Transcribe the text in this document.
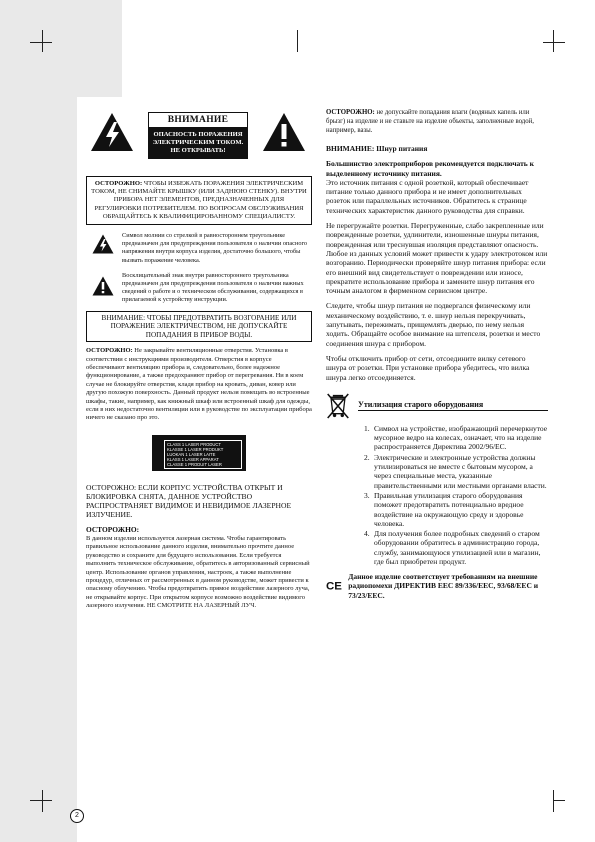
ВНИМАНИЕ
ОПАСНОСТЬ ПОРАЖЕНИЯ ЭЛЕКТРИЧЕСКИМ ТОКОМ. НЕ ОТКРЫВАТЬ!
ОСТОРОЖНО: ЧТОБЫ ИЗБЕЖАТЬ ПОРАЖЕНИЯ ЭЛЕКТРИЧЕСКИМ ТОКОМ, НЕ СНИМАЙТЕ КРЫШКУ (ИЛИ ЗАДНЮЮ СТЕНКУ). ВНУТРИ ПРИБОРА НЕТ ЭЛЕМЕНТОВ, ПРЕДНАЗНАЧЕННЫХ ДЛЯ РЕГУЛИРОВКИ ПОТРЕБИТЕЛЕМ. ПО ВОПРОСАМ ОБСЛУЖИВАНИЯ ОБРАЩАЙТЕСЬ К КВАЛИФИЦИРОВАННОМУ СПЕЦИАЛИСТУ.
Символ молнии со стрелкой в равностороннем треугольнике предназначен для предупреждения пользователя о наличии опасного напряжения внутри корпуса изделия, достаточно большого, чтобы вызвать поражение человека.
Восклицательный знак внутри равностороннего треугольника предназначен для предупреждения пользователя о наличии важных сведений о работе и о техническом обслуживании, содержащихся в прилагаемой к устройству инструкции.
ВНИМАНИЕ: ЧТОБЫ ПРЕДОТВРАТИТЬ ВОЗГОРАНИЕ ИЛИ ПОРАЖЕНИЕ ЭЛЕКТРИЧЕСТВОМ, НЕ ДОПУСКАЙТЕ ПОПАДАНИЯ В ПРИБОР ВОДЫ.

ОСТОРОЖНО: Не закрывайте вентиляционные отверстия. Установка в соответствии с инструкциями производителя. Отверстия в корпусе обеспечивают вентиляцию прибора и, следовательно, более надежное функционирование, а также предохраняют прибор от перегревания. Ни в коем случае не блокируйте отверстия, кладя прибор на кровать, диван, ковер или другую похожую поверхность. Данный продукт нельзя помещать во встроенные шкафы, такие, например, как книжный шкаф или встроенный шкаф для одежды, если в них недостаточно вентиляции или в руководстве по эксплуатации прибора ничего не сказано про это.

CLASS 1 LASER PRODUCT
KLASSE 1 LASER PRODUKT
LUOKAN 1 LASER LAITE
KLASS 1 LASER APPARAT
CLASSE 1 PRODUIT LASER

ОСТОРОЖНО: ЕСЛИ КОРПУС УСТРОЙСТВА ОТКРЫТ И БЛОКИРОВКА СНЯТА, ДАННОЕ УСТРОЙСТВО РАСПРОСТРАНЯЕТ ВИДИМОЕ И НЕВИДИМОЕ ЛАЗЕРНОЕ ИЗЛУЧЕНИЕ.

ОСТОРОЖНО:

В данном изделии используется лазерная система. Чтобы гарантировать правильное использование данного изделия, внимательно прочтите данное руководство и сохраните для будущего использования. Если требуется выполнить техническое обслуживание, обратитесь в авторизованный сервисный центр. Использование органов управления, настроек, а также выполнение процедур, отличных от рассмотренных в данном руководстве, может привести к опасному облучению. Чтобы предотвратить прямое воздействие лазерного луча, не открывайте корпус. При открытом корпусе возможно воздействие видимого лазерного излучения. НЕ СМОТРИТЕ НА ЛАЗЕРНЫЙ ЛУЧ.

ОСТОРОЖНО: не допускайте попадания влаги (водяных капель или брызг) на изделие и не ставьте на изделие объекты, заполненные водой, например, вазы.

ВНИМАНИЕ: Шнур питания

Большинство электроприборов рекомендуется подключать к выделенному источнику питания.

Это источник питания с одной розеткой, который обеспечивает питание только данного прибора и не имеет дополнительных розеток или параллельных источников. Обратитесь к странице технических характеристик данного руководства для справки.

Не перегружайте розетки. Перегруженные, слабо закрепленные или поврежденные розетки, удлинители, изношенные шнуры питания, поврежденная или треснувшая изоляция представляют опасность. Любое из данных условий может привести к удару электротоком или возгоранию. Периодически проверяйте шнур питания прибора: если его внешний вид свидетельствует о повреждении или износе, прекратите использование прибора и замените шнур питания его точным аналогом в фирменном сервисном центре.

Следите, чтобы шнур питания не подвергался физическому или механическому воздействию, т. е. шнур нельзя перекручивать, запутывать, пережимать, прищемлять дверью, по нему нельзя ходить. Обращайте особое внимание на штепселя, розетки и место соединения шнура с прибором.

Чтобы отключить прибор от сети, отсоедините вилку сетевого шнура от розетки. При установке прибора убедитесь, что вилка шнура легко отсоединяется.

Утилизация старого оборудования
1. Символ на устройстве, изображающий перечеркнутое мусорное ведро на колесах, означает, что на изделие распространяется Директива 2002/96/ЕС.
2. Электрические и электронные устройства должны утилизироваться не вместе с бытовым мусором, а через специальные места, указанные правительственными или местными органами власти.
3. Правильная утилизация старого оборудования поможет предотвратить потенциально вредное воздействие на окружающую среду и здоровье человека.
4. Для получения более подробных сведений о старом оборудовании обратитесь в администрацию города, службу, занимающуюся утилизацией или в магазин, где был приобретен продукт.
CE
Данное изделие соответствует требованиям на внешние радиопомехи ДИРЕКТИВ ЕЕС 89/336/EEC, 93/68/EEC и 73/23/EEC.
2
